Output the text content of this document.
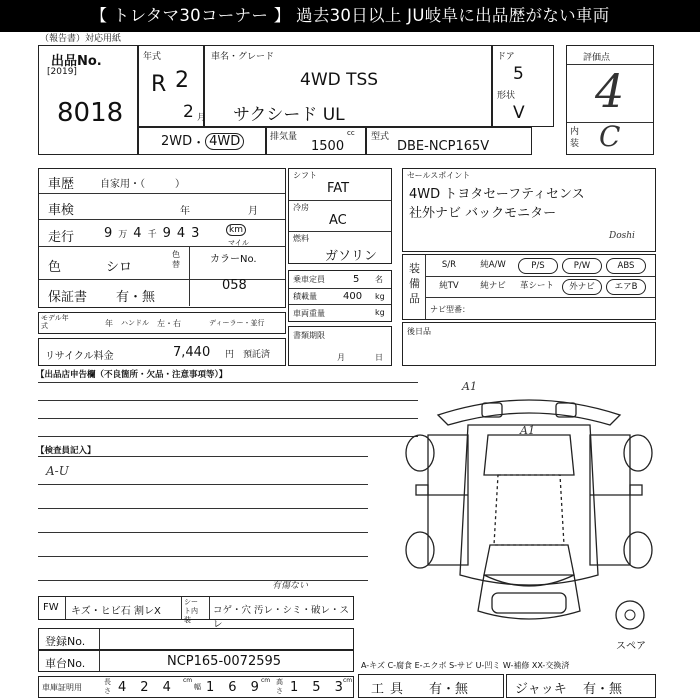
【 トレタマ30コーナー 】 過去30日以上 JU岐阜に出品歴がない車両
（報告書）対応用紙
出品No.
[2019]
8018
年式
R 2
2 月
車名・グレード
4WD TSS
サクシード UL
ドア
5
形状
V
評価点
4
内装 C
2WD ・ 4WD	排気量	cc
1500
型式
DBE-NCP165V
車歴	自家用・（　　　）
車検	年	月
走行 9 万 4 千 9 4 3	km
マイル
色	シロ
色替	カラーNo.
058
保証書 有・無
モデル年式	年 ハンドル 左・右	ディーラー・並行
リサイクル料金	7,440 円 預託済
シフト
FAT
冷房
AC
燃料
ガソリン
乗車定員	5 名
積載量	400 kg
車両重量	kg
書類期限
月	日
セールスポイント
4WD トヨタセーフティセンス
社外ナビ バックモニター
Doshi
装備品
S/R	純A/W	P/S	P/W	ABS
純TV	純ナビ	革シート	外ナビ	エアB
ナビ型番：
後日品
【出品店申告欄（不良箇所・欠品・注意事項等）】
【検査員記入】
A-U
A1
A1
スペア
FW キズ・ヒビ石 割レX
シート内装
コゲ・穴 汚レ・シミ・破レ・スレ
有傷ない
登録No.
車台No.	NCP165-0072595	A-キズ C-腐食 E-エクボ S-サビ U-凹ミ W-補修 XX-交換済
車庫証明用
長さ 4 2 4 cm
幅 1 6 9 cm 高さ 1 5 3 cm
工具 有・無	ジャッキ 有・無
